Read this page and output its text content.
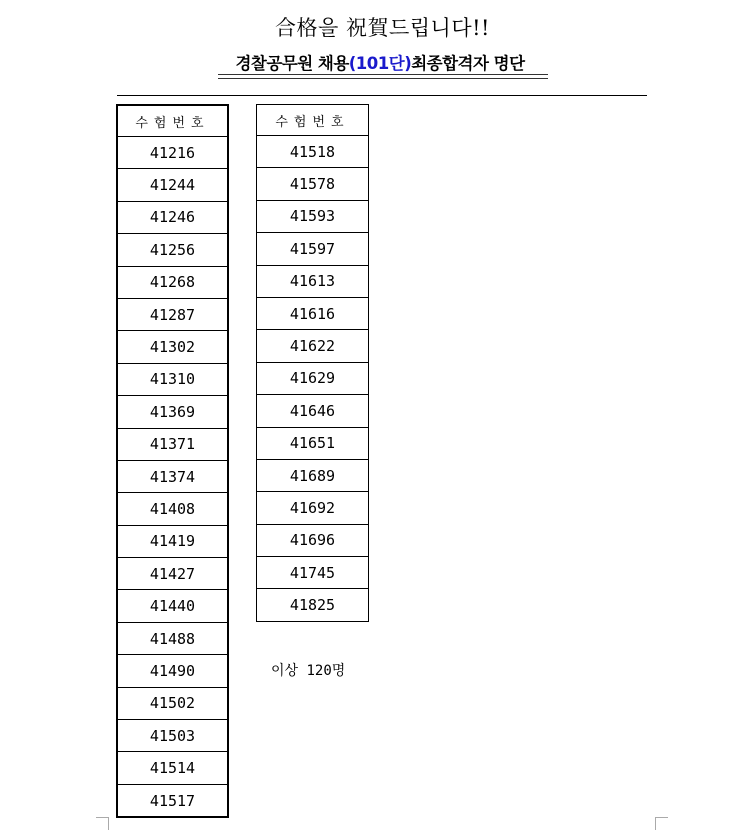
合格을 祝賀드립니다!!
경찰공무원 채용(101단)최종합격자 명단
수험번호
41216
41244
41246
41256
41268
41287
41302
41310
41369
41371
41374
41408
41419
41427
41440
41488
41490
41502
41503
41514
41517
수험번호
41518
41578
41593
41597
41613
41616
41622
41629
41646
41651
41689
41692
41696
41745
41825
이상 120명
